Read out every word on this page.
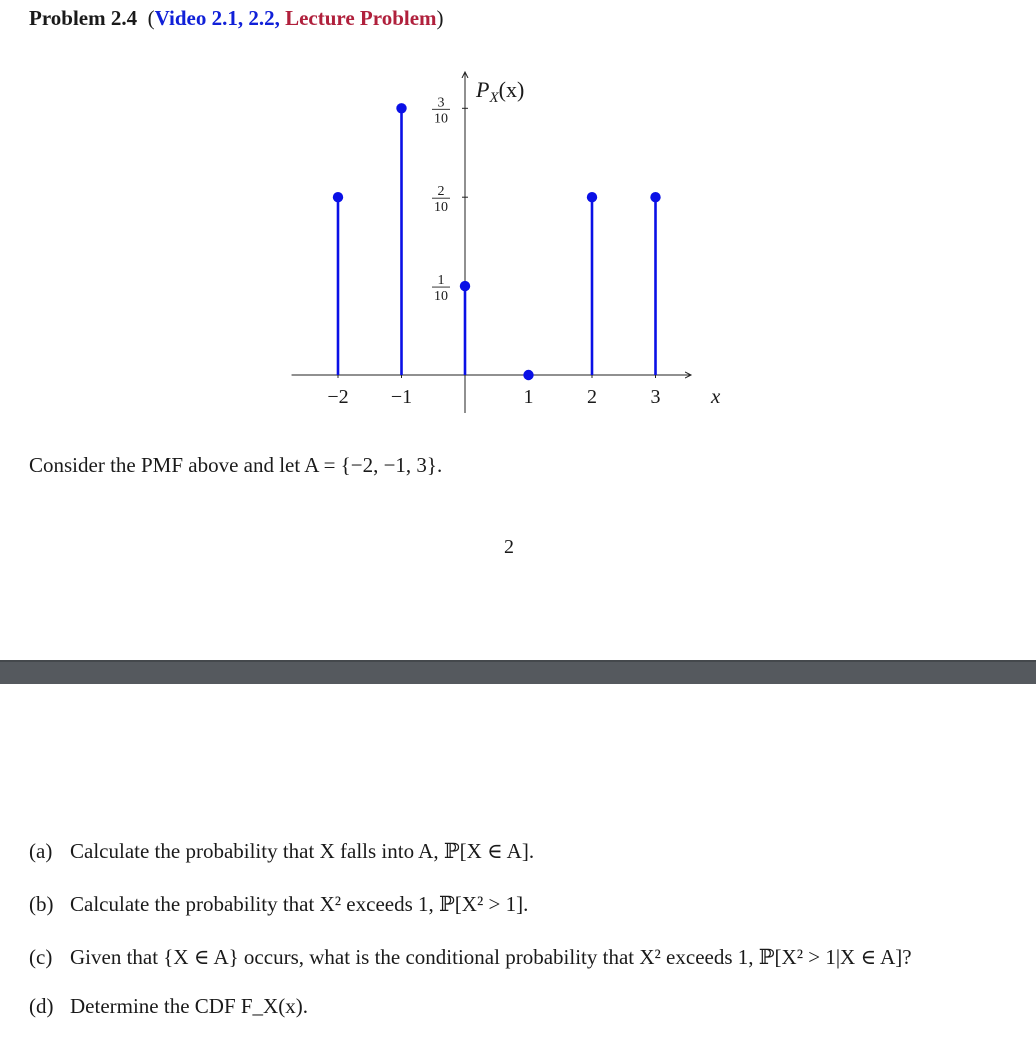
Problem 2.4 (Video 2.1, 2.2, Lecture Problem)
1
10
2
10
3
10
−2 −1	1	2	3
$P_X(x)$
x
Consider the PMF above and let A = {−2, −1, 3}.
2
(a) Calculate the probability that X falls into A, ℙ[X ∈ A].
(b) Calculate the probability that X² exceeds 1, ℙ[X² > 1].
(c) Given that {X ∈ A} occurs, what is the conditional probability that X² exceeds 1, ℙ[X² > 1|X ∈ A]?
(d) Determine the CDF F_X(x).
